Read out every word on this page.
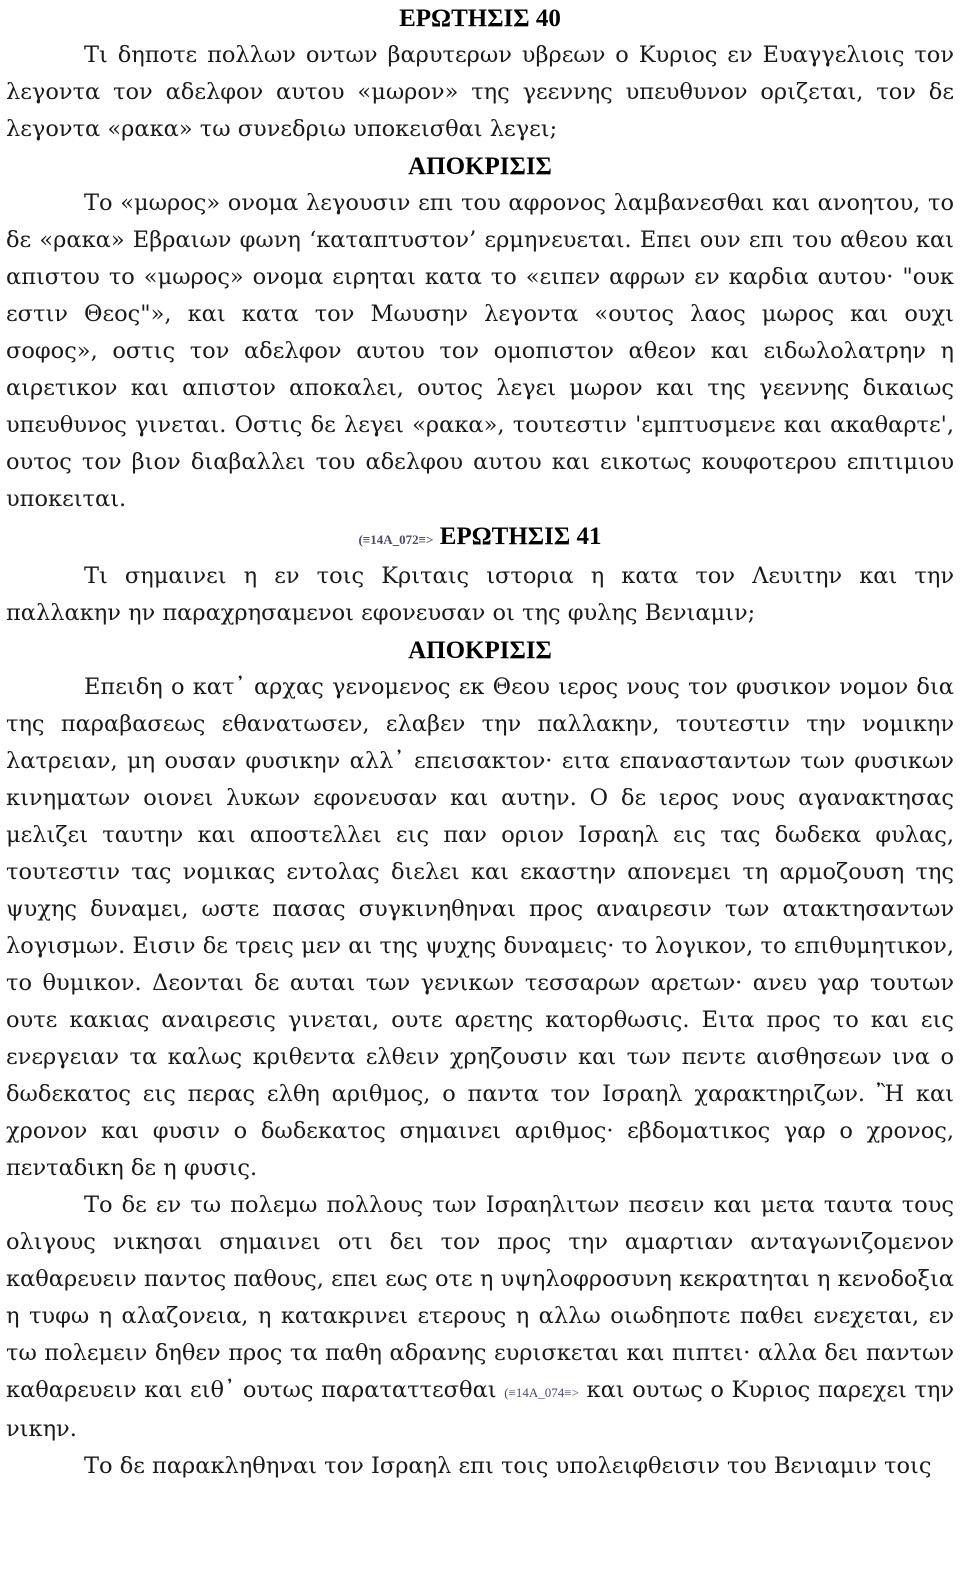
ΕΡΩΤΗΣΙΣ 40

Τι δηποτε πολλων οντων βαρυτερων υβρεων ο Κυριος εν Ευαγγελιοις τον λεγοντα τον αδελφον αυτου «μωρον» της γεεννης υπευθυνον οριζεται, τον δε λεγοντα «ρακα» τω συνεδριω υποκεισθαι λεγει;

ΑΠΟΚΡΙΣΙΣ

Το «μωρος» ονομα λεγουσιν επι του αφρονος λαμβανεσθαι και ανοητου, το δε «ρακα» Εβραιων φωνη ‘καταπτυστον’ ερμηνευεται. Επει ουν επι του αθεου και απιστου το «μωρος» ονομα ειρηται κατα το «ειπεν αφρων εν καρδια αυτου· "ουκ εστιν Θεος"», και κατα τον Μωυσην λεγοντα «ουτος λαος μωρος και ουχι σοφος», οστις τον αδελφον αυτου τον ομοπιστον αθεον και ειδωλολατρην η αιρετικον και απιστον αποκαλει, ουτος λεγει μωρον και της γεεννης δικαιως υπευθυνος γινεται. Οστις δε λεγει «ρακα», τουτεστιν 'εμπτυσμενε και ακαθαρτε', ουτος τον βιον διαβαλλει του αδελφου αυτου και εικοτως κουφοτερου επιτιμιου υποκειται.

(≡14A_072≡> ΕΡΩΤΗΣΙΣ 41

Τι σημαινει η εν τοις Κριταις ιστορια η κατα τον Λευιτην και την παλλακην ην παραχρησαμενοι εφονευσαν οι της φυλης Βενιαμιν;

ΑΠΟΚΡΙΣΙΣ

Επειδη ο κατ᾽ αρχας γενομενος εκ Θεου ιερος νους τον φυσικον νομον δια της παραβασεως εθανατωσεν, ελαβεν την παλλακην, τουτεστιν την νομικην λατρειαν, μη ουσαν φυσικην αλλ᾽ επεισακτον· ειτα επανασταντων των φυσικων κινηματων οιονει λυκων εφονευσαν και αυτην. Ο δε ιερος νους αγανακτησας μελιζει ταυτην και αποστελλει εις παν οριον Ισραηλ εις τας δωδεκα φυλας, τουτεστιν τας νομικας εντολας διελει και εκαστην απονεμει τη αρμοζουση της ψυχης δυναμει, ωστε πασας συγκινηθηναι προς αναιρεσιν των ατακτησαντων λογισμων. Εισιν δε τρεις μεν αι της ψυχης δυναμεις· το λογικον, το επιθυμητικον, το θυμικον. Δεονται δε αυται των γενικων τεσσαρων αρετων· ανευ γαρ τουτων ουτε κακιας αναιρεσις γινεται, ουτε αρετης κατορθωσις. Ειτα προς το και εις ενεργειαν τα καλως κριθεντα ελθειν χρηζουσιν και των πεντε αισθησεων ινα ο δωδεκατος εις περας ελθη αριθμος, ο παντα τον Ισραηλ χαρακτηριζων. Ἢ και χρονον και φυσιν ο δωδεκατος σημαινει αριθμος· εβδοματικος γαρ ο χρονος, πενταδικη δε η φυσις.

Το δε εν τω πολεμω πολλους των Ισραηλιτων πεσειν και μετα ταυτα τους ολιγους νικησαι σημαινει οτι δει τον προς την αμαρτιαν ανταγωνιζομενον καθαρευειν παντος παθους, επει εως οτε η υψηλοφροσυνη κεκρατηται η κενοδοξια η τυφω η αλαζονεια, η κατακρινει ετερους η αλλω οιωδηποτε παθει ενεχεται, εν τω πολεμειν δηθεν προς τα παθη αδρανης ευρισκεται και πιπτει· αλλα δει παντων καθαρευειν και ειθ᾽ ουτως παραταττεσθαι (≡14A_074≡> και ουτως ο Κυριος παρεχει την νικην.

Το δε παρακληθηναι τον Ισραηλ επι τοις υπολειφθεισιν του Βενιαμιν τοις
